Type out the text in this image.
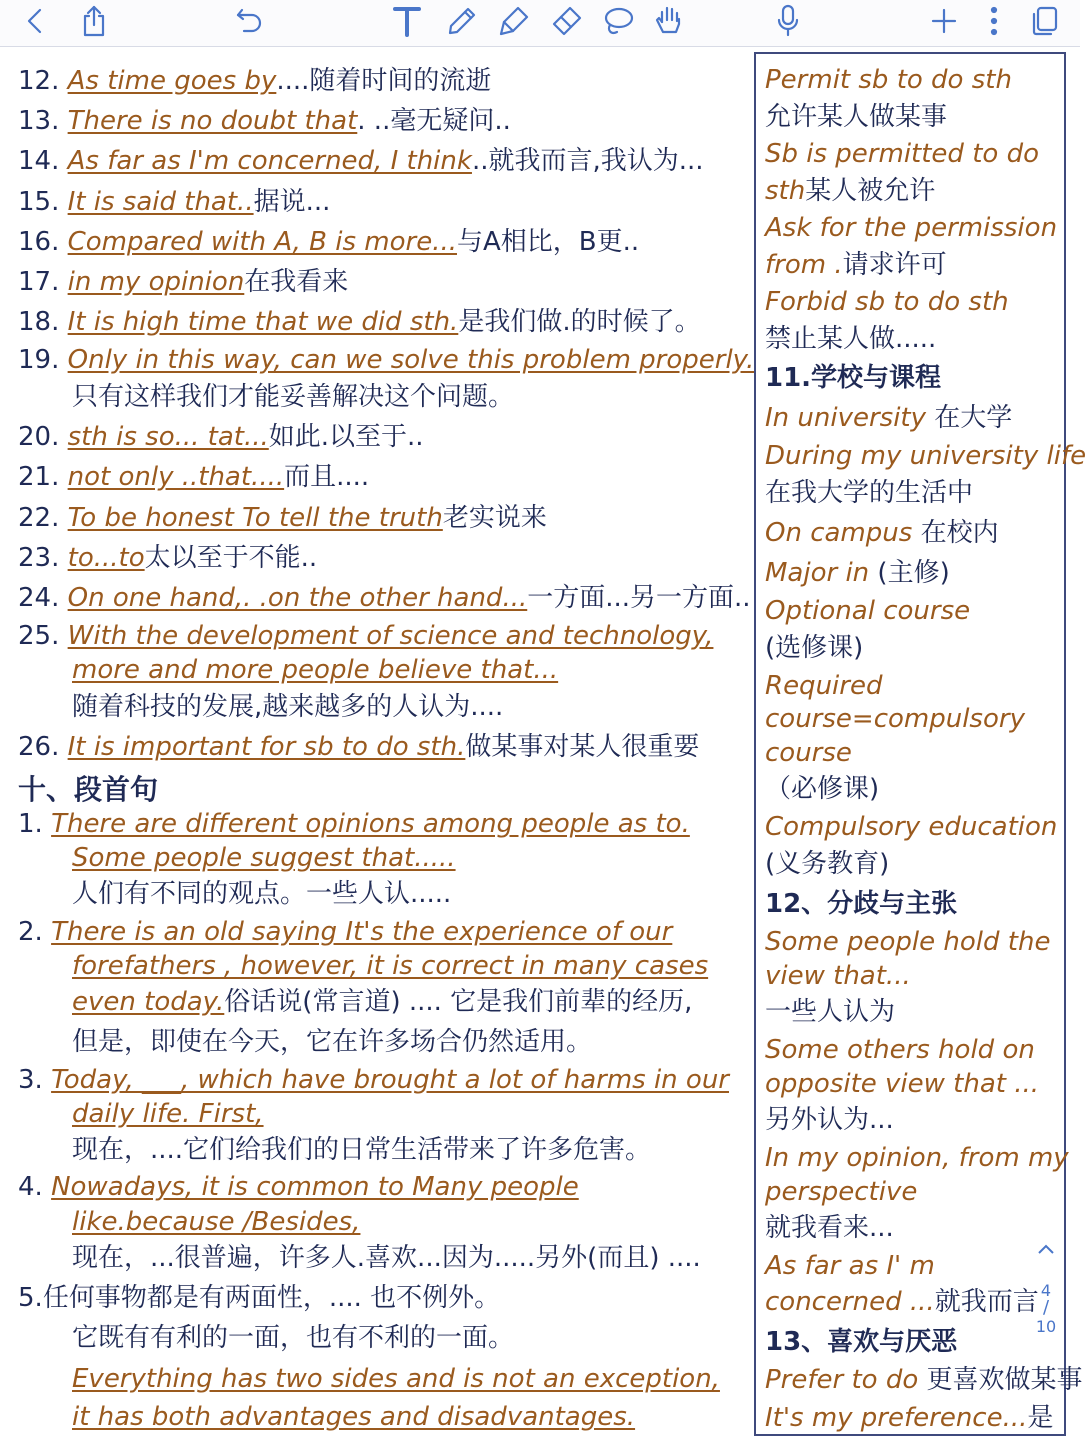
12. As time goes by....随着时间的流逝
13. There is no doubt that. ..毫无疑问..
14. As far as I'm concerned, I think..就我而言,我认为...
15. It is said that..据说...
16. Compared with A, B is more...与A相比，B更..
17. in my opinion在我看来
18. It is high time that we did sth.是我们做.的时候了。
19. Only in this way, can we solve this problem properly.
只有这样我们才能妥善解决这个问题。
20. sth is so... tat...如此.以至于..
21. not only ..that....而且....
22. To be honest To tell the truth老实说来
23. to...to太以至于不能..
24. On one hand,. .on the other hand...一方面...另一方面..
25. With the development of science and technology,
more and more people believe that...
随着科技的发展,越来越多的人认为....
26. It is important for sb to do sth.做某事对某人很重要
十、段首句
1. There are different opinions among people as to.
Some people suggest that.....
人们有不同的观点。一些人认.....
2. There is an old saying It's the experience of our
forefathers , however, it is correct in many cases
even today.俗话说(常言道) .... 它是我们前辈的经历,
但是，即使在今天，它在许多场合仍然适用。
3. Today, ___, which have brought a lot of harms in our
daily life. First,
现在，....它们给我们的日常生活带来了许多危害。
4. Nowadays, it is common to Many people
like.because /Besides,
现在，...很普遍，许多人.喜欢...因为.....另外(而且) ....
5.任何事物都是有两面性，.... 也不例外。
它既有有利的一面，也有不利的一面。
Everything has two sides and is not an exception,
it has both advantages and disadvantages.
Permit sb to do sth
允许某人做某事
Sb is permitted to do
sth某人被允许
Ask for the permission
from .请求许可
Forbid sb to do sth
禁止某人做.....
11.学校与课程
In university 在大学
During my university life
在我大学的生活中
On campus 在校内
Major in (主修)
Optional course
(选修课)
Required
course=compulsory
course
（必修课)
Compulsory education
(义务教育)
12、分歧与主张
Some people hold the
view that...
一些人认为
Some others hold on
opposite view that ...
另外认为...
In my opinion, from my
perspective
就我看来...
As far as I' m
concerned ...就我而言
13、喜欢与厌恶
Prefer to do 更喜欢做某事
It's my preference...是
4
/
10
